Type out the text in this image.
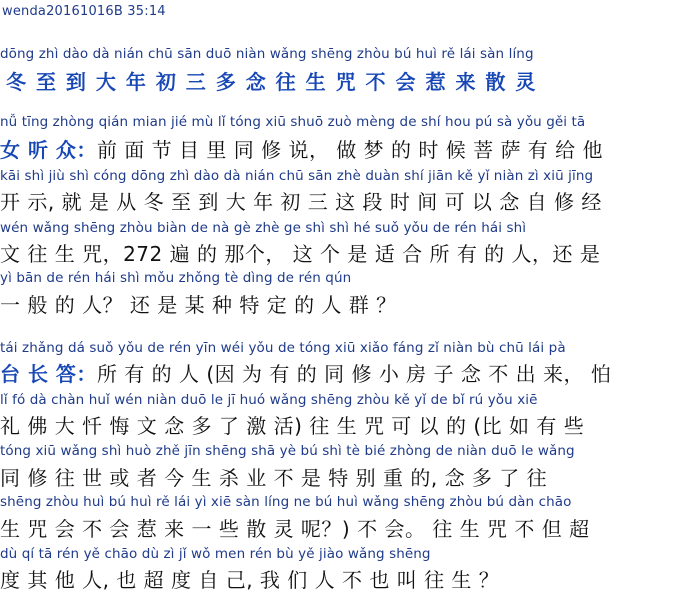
wenda20161016B 35:14
dōng zhì dào dà nián chū sān duō niàn wǎng shēng zhòu bú huì rě lái sàn líng
冬 至 到 大 年 初 三 多 念 往 生 咒 不 会 惹 来 散 灵
nǚ tīng zhòng qián mian jié mù lǐ tóng xiū shuō zuò mèng de shí hou pú sà yǒu gěi tā
女 听 众：前 面 节 目 里 同 修 说， 做 梦 的 时 候 菩 萨 有 给 他
kāi shì jiù shì cóng dōng zhì dào dà nián chū sān zhè duàn shí jiān kě yǐ niàn zì xiū jīng
开 示, 就 是 从 冬 至 到 大 年 初 三 这 段 时 间 可 以 念 自 修 经
wén wǎng shēng zhòu biàn de nà gè zhè ge shì shì hé suǒ yǒu de rén hái shì
文 往 生 咒，272 遍 的 那个， 这 个 是 适 合 所 有 的 人，还 是
yì bān de rén hái shì mǒu zhǒng tè dìng de rén qún
一 般 的 人？ 还 是 某 种 特 定 的 人 群 ？
tái zhǎng dá suǒ yǒu de rén yīn wéi yǒu de tóng xiū xiǎo fáng zǐ niàn bù chū lái pà
台 长 答：所 有 的 人 (因 为 有 的 同 修 小 房 子 念 不 出 来， 怕
lǐ fó dà chàn huǐ wén niàn duō le jī huó wǎng shēng zhòu kě yǐ de bǐ rú yǒu xiē
礼 佛 大 忏 悔 文 念 多 了 激 活) 往 生 咒 可 以 的 (比 如 有 些
tóng xiū wǎng shì huò zhě jīn shēng shā yè bú shì tè bié zhòng de niàn duō le wǎng
同 修 往 世 或 者 今 生 杀 业 不 是 特 别 重 的, 念 多 了 往
shēng zhòu huì bú huì rě lái yì xiē sàn líng ne bú huì wǎng shēng zhòu bú dàn chāo
生 咒 会 不 会 惹 来 一 些 散 灵 呢？) 不 会。 往 生 咒 不 但 超
dù qí tā rén yě chāo dù zì jǐ wǒ men rén bù yě jiào wǎng shēng
度 其 他 人, 也 超 度 自 己, 我 们 人 不 也 叫 往 生 ？
